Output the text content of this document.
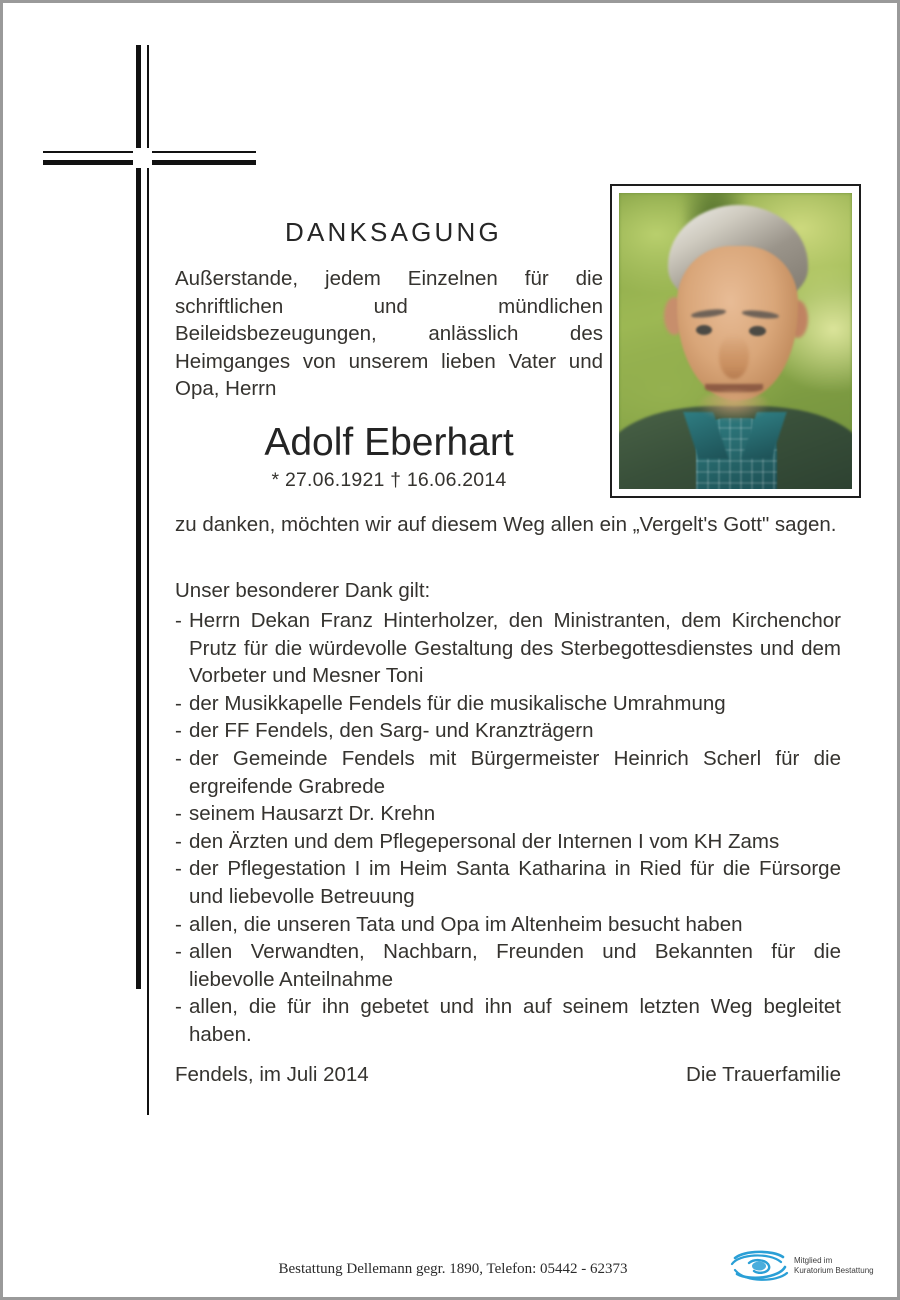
DANKSAGUNG
Außerstande, jedem Einzelnen für die schriftlichen und mündlichen Beileidsbezeugungen, anlässlich des Heimganges von unserem lieben Vater und Opa, Herrn
Adolf Eberhart
* 27.06.1921 † 16.06.2014
zu danken, möchten wir auf diesem Weg allen ein „Vergelt's Gott" sagen.
Unser besonderer Dank gilt:
- Herrn Dekan Franz Hinterholzer, den Ministranten, dem Kirchenchor Prutz für die würdevolle Gestaltung des Sterbegottesdienstes und dem Vorbeter und Mesner Toni
- der Musikkapelle Fendels für die musikalische Umrahmung
- der FF Fendels, den Sarg- und Kranzträgern
- der Gemeinde Fendels mit Bürgermeister Heinrich Scherl für die ergreifende Grabrede
- seinem Hausarzt Dr. Krehn
- den Ärzten und dem Pflegepersonal der Internen I vom KH Zams
- der Pflegestation I im Heim Santa Katharina in Ried für die Fürsorge und liebevolle Betreuung
- allen, die unseren Tata und Opa im Altenheim besucht haben
- allen Verwandten, Nachbarn, Freunden und Bekannten für die liebevolle Anteilnahme
- allen, die für ihn gebetet und ihn auf seinem letzten Weg begleitet haben.
Fendels, im Juli 2014	Die Trauerfamilie
Bestattung Dellemann gegr. 1890, Telefon: 05442 - 62373
Mitglied im
Kuratorium Bestattung
